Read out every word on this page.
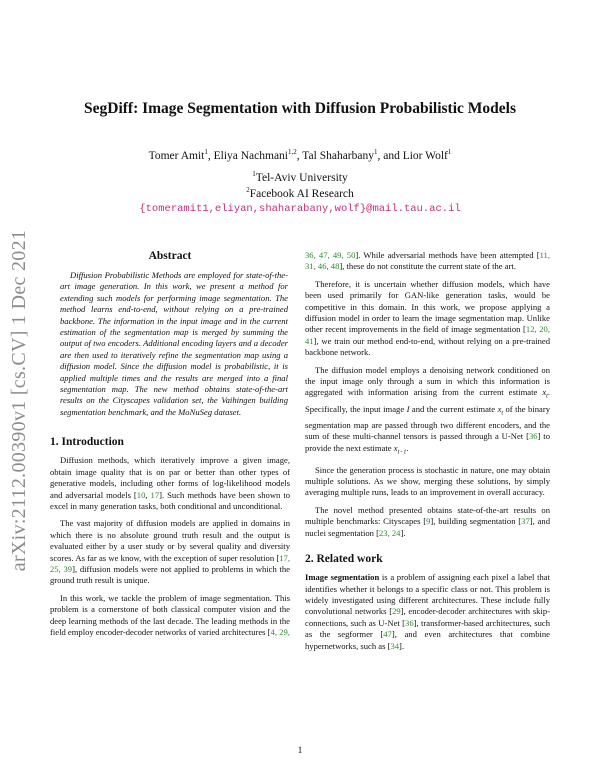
arXiv:2112.00390v1 [cs.CV] 1 Dec 2021
SegDiff: Image Segmentation with Diffusion Probabilistic Models
Tomer Amit$^1$, Eliya Nachmani$^{1,2}$, Tal Shaharbany$^1$, and Lior Wolf$^1$
$^1$Tel-Aviv University
$^2$Facebook AI Research
{tomeramit1,eliyan,shaharabany,wolf}@mail.tau.ac.il
Abstract

Diffusion Probabilistic Methods are employed for state-of-the-art image generation. In this work, we present a method for extending such models for performing image segmentation. The method learns end-to-end, without relying on a pre-trained backbone. The information in the input image and in the current estimation of the segmentation map is merged by summing the output of two encoders. Additional encoding layers and a decoder are then used to iteratively refine the segmentation map using a diffusion model. Since the diffusion model is probabilistic, it is applied multiple times and the results are merged into a final segmentation map. The new method obtains state-of-the-art results on the Cityscapes validation set, the Vaihingen building segmentation benchmark, and the MoNuSeg dataset.

1. Introduction

Diffusion methods, which iteratively improve a given image, obtain image quality that is on par or better than other types of generative models, including other forms of log-likelihood models and adversarial models [10, 17]. Such methods have been shown to excel in many generation tasks, both conditional and unconditional.

The vast majority of diffusion models are applied in domains in which there is no absolute ground truth result and the output is evaluated either by a user study or by several quality and diversity scores. As far as we know, with the exception of super resolution [17, 25, 39], diffusion models were not applied to problems in which the ground truth result is unique.

In this work, we tackle the problem of image segmentation. This problem is a cornerstone of both classical computer vision and the deep learning methods of the last decade. The leading methods in the field employ encoder-decoder networks of varied architectures [4, 29,

36, 47, 49, 50]. While adversarial methods have been attempted [11, 31, 46, 48], these do not constitute the current state of the art.

Therefore, it is uncertain whether diffusion models, which have been used primarily for GAN-like generation tasks, would be competitive in this domain. In this work, we propose applying a diffusion model in order to learn the image segmentation map. Unlike other recent improvements in the field of image segmentation [12, 20, 41], we train our method end-to-end, without relying on a pre-trained backbone network.

The diffusion model employs a denoising network conditioned on the input image only through a sum in which this information is aggregated with information arising from the current estimate $x_t$. Specifically, the input image I and the current estimate $x_t$ of the binary segmentation map are passed through two different encoders, and the sum of these multi-channel tensors is passed through a U-Net [36] to provide the next estimate $x_{t-1}$.

Since the generation process is stochastic in nature, one may obtain multiple solutions. As we show, merging these solutions, by simply averaging multiple runs, leads to an improvement in overall accuracy.

The novel method presented obtains state-of-the-art results on multiple benchmarks: Cityscapes [9], building segmentation [37], and nuclei segmentation [23, 24].

2. Related work

Image segmentation is a problem of assigning each pixel a label that identifies whether it belongs to a specific class or not. This problem is widely investigated using different architectures. These include fully convolutional networks [29], encoder-decoder architectures with skip-connections, such as U-Net [36], transformer-based architectures, such as the segformer [47], and even architectures that combine hypernetworks, such as [34].

1
